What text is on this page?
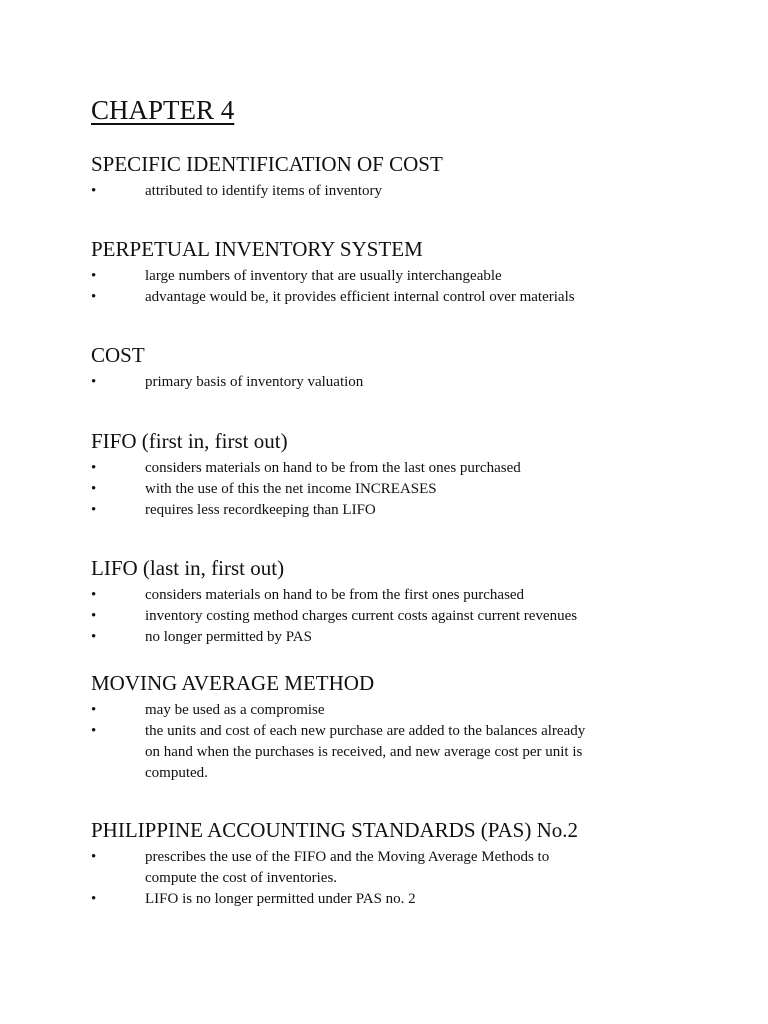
CHAPTER 4
SPECIFIC IDENTIFICATION OF COST
•
attributed to identify items of inventory
PERPETUAL INVENTORY SYSTEM
•
large numbers of inventory that are usually interchangeable
•
advantage would be, it provides efficient internal control over materials
COST
•
primary basis of inventory valuation
FIFO (first in, first out)
•
considers materials on hand to be from the last ones purchased
•
with the use of this the net income INCREASES
•
requires less recordkeeping than LIFO
LIFO (last in, first out)
•
considers materials on hand to be from the first ones purchased
•
inventory costing method charges current costs against current revenues
•
no longer permitted by PAS
MOVING AVERAGE METHOD
•
may be used as a compromise
•
the units and cost of each new purchase are added to the balances already
on hand when the purchases is received, and new average cost per unit is
computed.
PHILIPPINE ACCOUNTING STANDARDS (PAS) No.2
•
prescribes the use of the FIFO and the Moving Average Methods to
compute the cost of inventories.
•
LIFO is no longer permitted under PAS no. 2
